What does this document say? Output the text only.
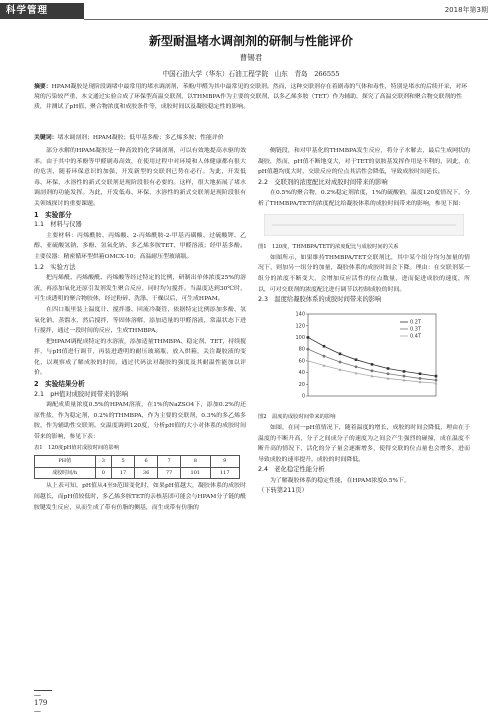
科学管理	2018年第3期
新型耐温堵水调剖剂的研制与性能评价
曹锡君
中国石油大学（华东）石油工程学院　山东　青岛　266555
摘要：HPAM凝胶是现阶段调堵中最常用的堵水调剖剂，苯酚/甲醛为其中最常见的交联剂。然而，这种交联剂存在着剧毒的气体和毒性，特别是堵水的后续开采，对环境的污染较严重，本文通过实验合成了环保型高温交联剂，以THMBPA作为主要的交联剂，以多乙烯多胺（TET）作为辅助，探究了高温交联剂和聚合物交联剂的性质，并测试了pH值、聚合物浓度和成胶条件等，成胶时间以及凝胶稳定性的影响。
关键词：堵水调剖剂；HPAM凝胶；低甲基多酚；多乙烯多胺；性能评价

部分水解的HPAM凝胶是一种高效的化学调剖剂，可以有效地提高水驱的效率。由于其中的苯酚等甲醛剧毒高效，在使用过程中对环境和人体健康都有很大的危害，随着环保意识的加强，开发新型的交联剂已势在必行。为此，开发低毒、环保，水溶性的新式交联剂是现阶段很有必要的。这样，很大地拓展了堵水调剖剂的功能发挥。为此，开发低毒、环保，水溶性的新式交联剂是现阶段很有关领域探讨的重要课题。

1　实验部分

1.1　材料与仪器

主要材料：丙烯酰胺、丙烯酸、2-丙烯酰胺-2-甲基丙磺酸、过硫酸钾、乙醇、亚硫酸氢钠、多酚、氢氧化钠、多乙烯多胺TET、甲醛溶液；经甲基多酚。主要仪器：精密循环型烘箱OMCX-10；高温耐压型玻璃瓶。

1.2　实验方法

把丙烯酰、丙烯酸酰、丙烯酸等经过特定的比例，研制出单体浓度25%的溶液，再添加氧化还原引发剂发生聚合反应，同时均匀搅拌。当温度达到30℃时，可生成透明的聚合物胶体，经过粉碎、洗涤、干燥以后，可生成HPAM。

在四口瓶里装上温度计、搅拌器、回流冷凝管，依据特定比例添加多酚、氢氧化钠、蒸馏水，然后搅拌，等固体溶解，添加适量的甲醛溶液，常温状态下进行搅拌，通过一段时间的反应，生成THMBPA。

把HPAM调配成特定的水溶液，添加适量THMBPA、稳定剂、TET，持续搅拌，与pH值进行调节，再装进透明的耐压玻璃瓶，放入烘箱，关注凝胶液的变化，以观察成了解成胶的时间，通过代码法对凝胶的强度及其耐温性能加以评价。

2　实验结果分析

2.1　pH值对成胶时间带来的影响

调配成质量浓度0.5%的HPAM溶液，在1%的NaZSO4下，添加0.2%的还原性盐，作为稳定剂，0.2%的THMBPA，作为主要的交联剂，0.3%的多乙烯多胺，作为辅助性交联剂。交温度调到120度，分析pH值的大小对体系的成胶时间带来的影响，参见下表：

表1　120度pH值对成胶时间的影响

PH值	3	5	6	7	8	9
成胶时间/h	0	17	36	77	101	117

从上表可知，pH值从4至9范围变化时，如果pH值越大，凝胶体系的成胶时间越长，而pH值较低时，多乙烯多胺TET的亲核基团可能会与HPAM分子链的酰胺键发生反应，从而生成了带有仿脂的侧基，而生成带有仿脂的

侧链段，和对甲基化的THMBPA发生反应，将分子水解去，最后生成网状的凝胶，然而，pH值不断地变大，对于TET的氨胺基发挥作用是不利的，因此，在pH值越均度大时，交联反应的位点其活性会降低，导致成胶时间延长。

2.2　交联剂的浓度配比对成胶时间带来的影响

在0.5%的聚合物，0.2%稳定剂浓度，1%的硫酸钠，温度120度情况下，分析了THMBPA/TET的浓度配比给凝胶体系的成胶时间带来的影响，参见下图：

图1　120度，THMBPA/TET的浓度配比与成胶时间的关系

如图所示，如果维持THMBPA/TET交联剂比，其中某个组分均匀加量的情况下，则加另一组分的加量，凝胶体系的成胶时间会下降。理由：在交联剂某一组分的浓度不断变大，会增加反应活性的位点数量，进而促进成胶的速度，所以，可对交联剂的浓度配比进行调节以控制成胶的时间。

2.3　温度给凝胶体系的成胶时间带来的影响

0
20
40
60
80
100
120
140
0.2T
0.3T
0.4T

图2　温度的成胶时间带来的影响

如图，在同一pH值情况下，随着温度的增长，成胶的时间会降低，理由在于温度的不断升高，分子之间成分子的速度为之间会产生强烈的碰撞，成在温度不断升高的情况下，活化的分子量会逐渐增多，使得交联的位点量也会增多，进而导致成胶的速率提升，成胶的时间降低。

2.4　老化稳定性能分析

为了解凝胶体系的稳定性能，在HPAM浓度0.5%下，

（下转第211页）

—179—
